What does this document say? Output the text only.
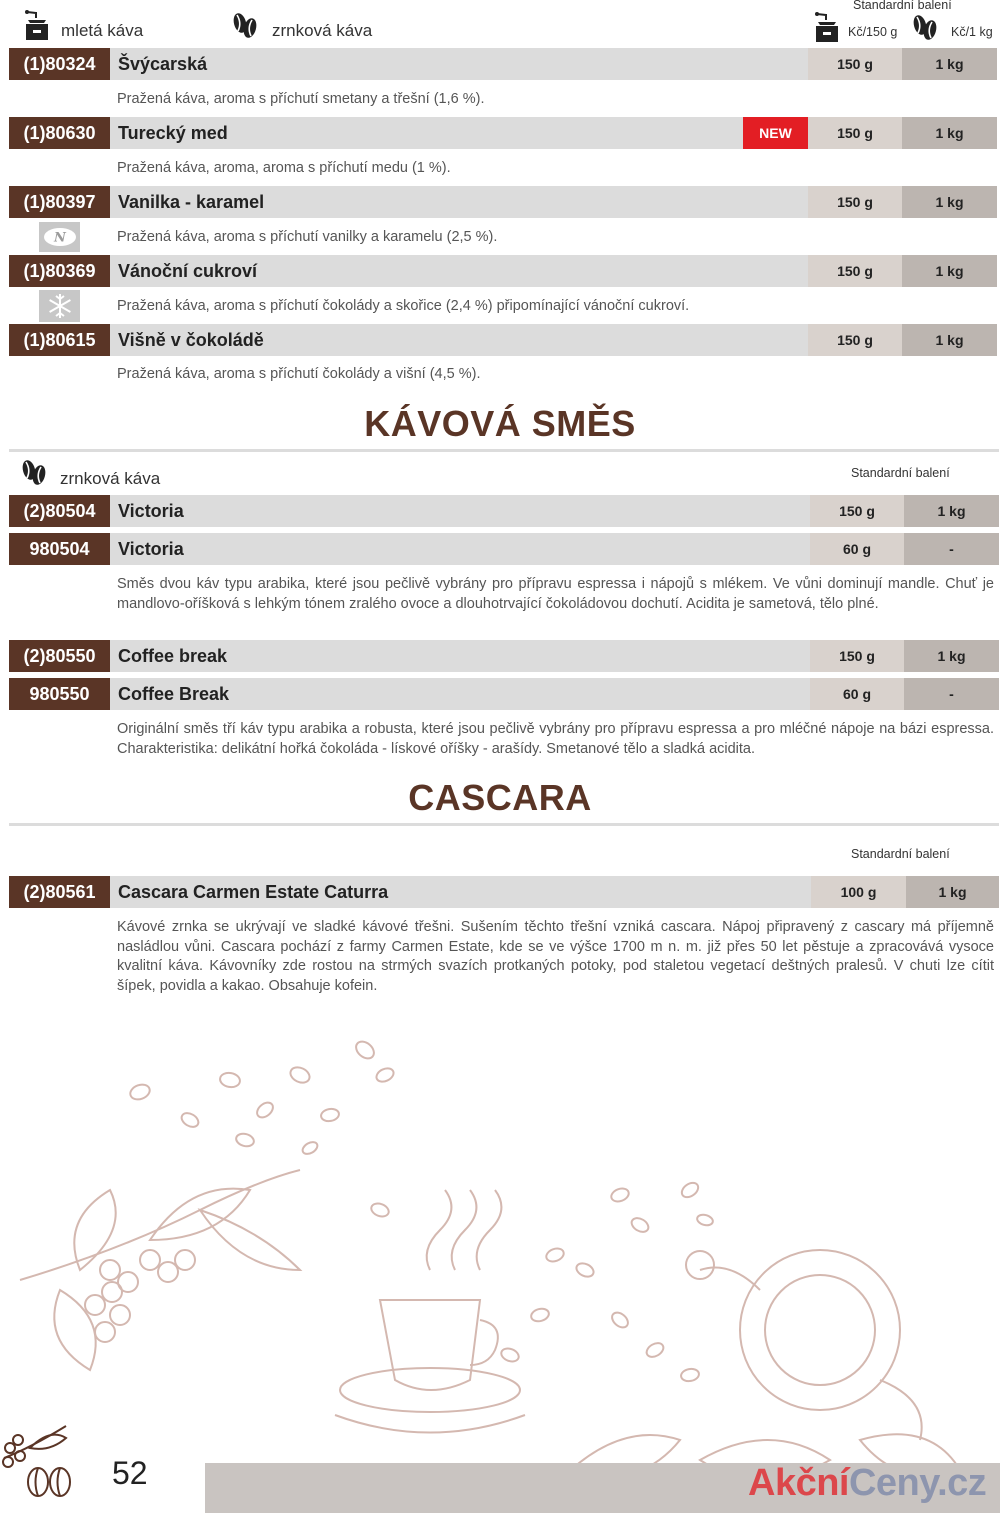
mletá káva	zrnková káva
Standardní balení
Kč/150 g	Kč/1 kg
(1)80324	Švýcarská	150 g	1 kg
Pražená káva, aroma s příchutí smetany a třešní (1,6 %).
(1)80630	Turecký med	NEW	150 g	1 kg
Pražená káva, aroma, aroma s příchutí medu (1 %).
(1)80397	Vanilka - karamel	150 g	1 kg
N	Pražená káva, aroma s příchutí vanilky a karamelu (2,5 %).
(1)80369	Vánoční cukroví	150 g	1 kg
Pražená káva, aroma s příchutí čokolády a skořice (2,4 %) připomínající vánoční cukroví.
(1)80615	Višně v čokoládě	150 g	1 kg
Pražená káva, aroma s příchutí čokolády a višní (4,5 %).
KÁVOVÁ SMĚS
zrnková káva	Standardní balení
(2)80504	Victoria	150 g	1 kg
980504	Victoria	60 g	-
Směs dvou káv typu arabika, které jsou pečlivě vybrány pro přípravu espressa i nápojů s mlékem. Ve vůni dominují mandle. Chuť je mandlovo-oříšková s lehkým tónem zralého ovoce a dlouhotrvající čokoládovou dochutí. Acidita je sametová, tělo plné.
(2)80550	Coffee break	150 g	1 kg
980550	Coffee Break	60 g	-
Originální směs tří káv typu arabika a robusta, které jsou pečlivě vybrány pro přípravu espressa a pro mléčné nápoje na bázi espressa. Charakteristika: delikátní hořká čokoláda - lískové oříšky - arašídy. Smetanové tělo a sladká acidita.
CASCARA
Standardní balení
(2)80561	Cascara Carmen Estate Caturra	100 g	1 kg
Kávové zrnka se ukrývají ve sladké kávové třešni. Sušením těchto třešní vzniká cascara. Nápoj připravený z cascary má příjemně nasládlou vůni. Cascara pochází z farmy Carmen Estate, kde se ve výšce 1700 m n. m. již přes 50 let pěstuje a zpracovává vysoce kvalitní káva. Kávovníky zde rostou na strmých svazích protkaných potoky, pod staletou vegetací deštných pralesů. V chuti lze cítit šípek, povidla a kakao. Obsahuje kofein.
52	AkčníCeny.cz
